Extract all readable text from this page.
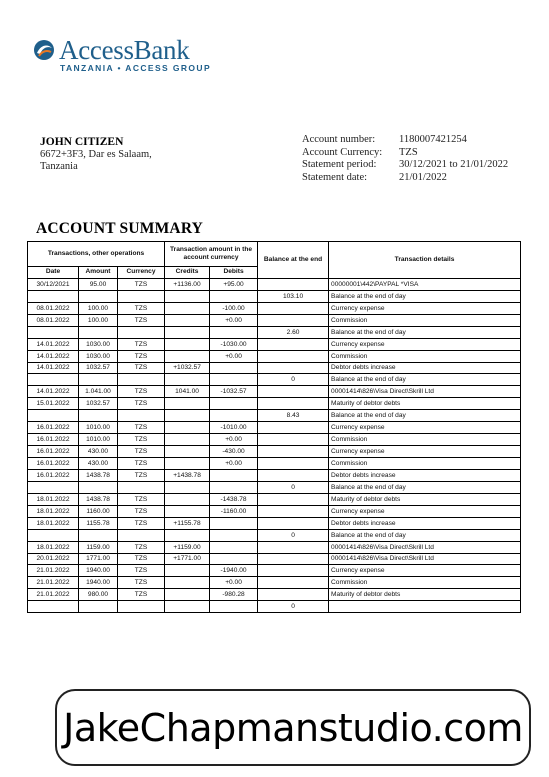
AccessBank
TANZANIA • ACCESS GROUP
JOHN CITIZEN
6672+3F3, Dar es Salaam,
Tanzania
Account number:	1180007421254
Account Currency:	TZS
Statement period:	30/12/2021 to 21/01/2022
Statement date:	21/01/2022
ACCOUNT SUMMARY
Transactions, other operations			Transaction amount in the account currency		Balance at the end	Transaction details
Date	Amount	Currency	Credits	Debits		
30/12/2021	95.00	TZS	+1136.00	+95.00		00000001\442\PAYPAL *VISA
					103.10	Balance at the end of day
08.01.2022	100.00	TZS		-100.00		Currency expense
08.01.2022	100.00	TZS		+0.00		Commission
					2.60	Balance at the end of day
14.01.2022	1030.00	TZS		-1030.00		Currency expense
14.01.2022	1030.00	TZS		+0.00		Commission
14.01.2022	1032.57	TZS	+1032.57			Debtor debts increase
					0	Balance at the end of day
14.01.2022	1.041.00	TZS	1041.00	-1032.57		00001414\826\Visa Direct\Skrill Ltd
15.01.2022	1032.57	TZS				Maturity of debtor debts
					8.43	Balance at the end of day
16.01.2022	1010.00	TZS		-1010.00		Currency expense
16.01.2022	1010.00	TZS		+0.00		Commission
16.01.2022	430.00	TZS		-430.00		Currency expense
16.01.2022	430.00	TZS		+0.00		Commission
16.01.2022	1438.78	TZS	+1438.78			Debtor debts increase
					0	Balance at the end of day
18.01.2022	1438.78	TZS		-1438.78		Maturity of debtor debts
18.01.2022	1160.00	TZS		-1160.00		Currency expense
18.01.2022	1155.78	TZS	+1155.78			Debtor debts increase
					0	Balance at the end of day
18.01.2022	1159.00	TZS	+1159.00			00001414\826\Visa Direct\Skrill Ltd
20.01.2022	1771.00	TZS	+1771.00			00001414\826\Visa Direct\Skrill Ltd
21.01.2022	1940.00	TZS		-1940.00		Currency expense
21.01.2022	1940.00	TZS		+0.00		Commission
21.01.2022	980.00	TZS		-980.28		Maturity of debtor debts
					0	
JakeChapmanstudio.com
